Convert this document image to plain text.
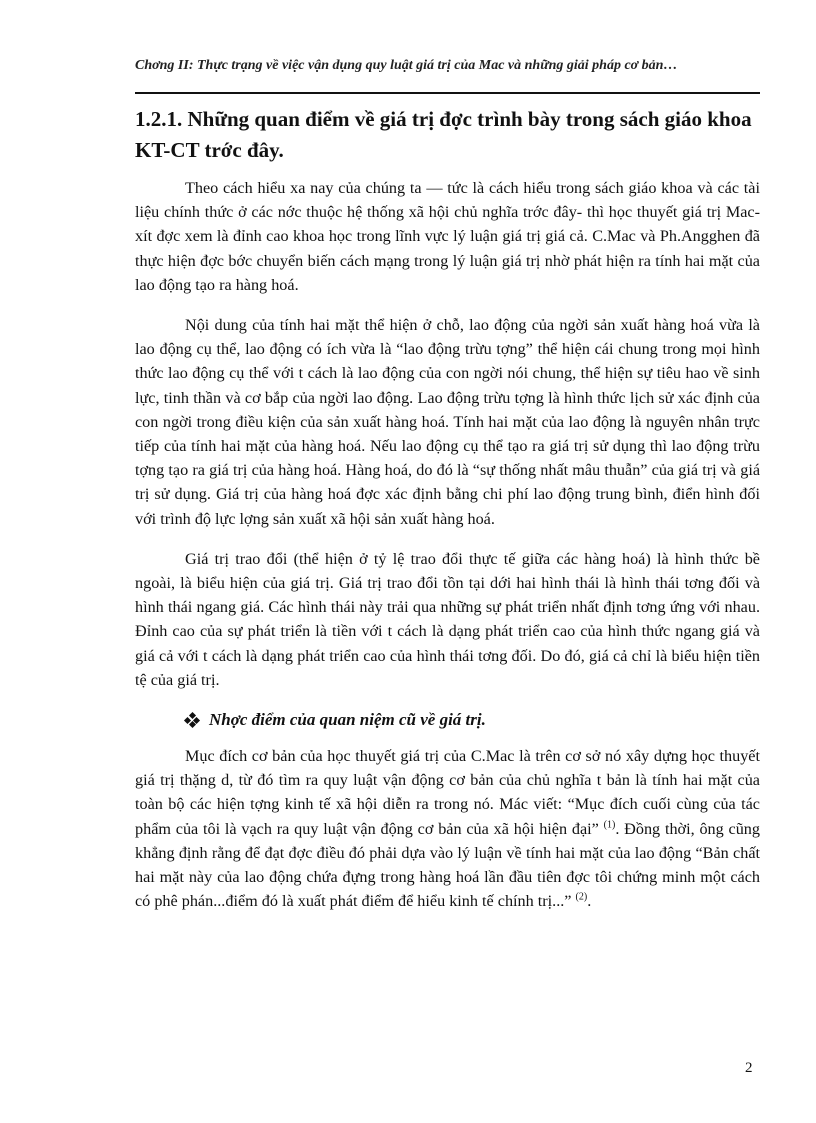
Chơng II: Thực trạng về việc vận dụng quy luật giá trị của Mac và những giải pháp cơ bản…
1.2.1. Những quan điểm về giá trị đợc trình bày trong sách giáo khoa KT-CT trớc đây.

Theo cách hiểu xa nay của chúng ta — tức là cách hiểu trong sách giáo khoa và các tài liệu chính thức ở các nớc thuộc hệ thống xã hội chủ nghĩa trớc đây- thì học thuyết giá trị Mac-xít đợc xem là đỉnh cao khoa học trong lĩnh vực lý luận giá trị giá cả. C.Mac và Ph.Angghen đã thực hiện đợc bớc chuyển biến cách mạng trong lý luận giá trị nhờ phát hiện ra tính hai mặt của lao động tạo ra hàng hoá.

Nội dung của tính hai mặt thể hiện ở chỗ, lao động của ngời sản xuất hàng hoá vừa là lao động cụ thể, lao động có ích vừa là “lao động trừu tợng” thể hiện cái chung trong mọi hình thức lao động cụ thể với t cách là lao động của con ngời nói chung, thể hiện sự tiêu hao về sinh lực, tinh thần và cơ bắp của ngời lao động. Lao động trừu tợng là hình thức lịch sử xác định của con ngời trong điều kiện của sản xuất hàng hoá. Tính hai mặt của lao động là nguyên nhân trực tiếp của tính hai mặt của hàng hoá. Nếu lao động cụ thể tạo ra giá trị sử dụng thì lao động trừu tợng tạo ra giá trị của hàng hoá. Hàng hoá, do đó là “sự thống nhất mâu thuẫn” của giá trị và giá trị sử dụng. Giá trị của hàng hoá đợc xác định bằng chi phí lao động trung bình, điển hình đối với trình độ lực lợng sản xuất xã hội sản xuất hàng hoá.

Giá trị trao đổi (thể hiện ở tỷ lệ trao đổi thực tế giữa các hàng hoá) là hình thức bề ngoài, là biểu hiện của giá trị. Giá trị trao đổi tồn tại dới hai hình thái là hình thái tơng đối và hình thái ngang giá. Các hình thái này trải qua những sự phát triển nhất định tơng ứng với nhau. Đỉnh cao của sự phát triển là tiền với t cách là dạng phát triển cao của hình thức ngang giá và giá cả với t cách là dạng phát triển cao của hình thái tơng đối. Do đó, giá cả chỉ là biểu hiện tiền tệ của giá trị.

Nhợc điểm của quan niệm cũ về giá trị.

Mục đích cơ bản của học thuyết giá trị của C.Mac là trên cơ sở nó xây dựng học thuyết giá trị thặng d, từ đó tìm ra quy luật vận động cơ bản của chủ nghĩa t bản là tính hai mặt của toàn bộ các hiện tợng kinh tế xã hội diễn ra trong nó. Mác viết: “Mục đích cuối cùng của tác phẩm của tôi là vạch ra quy luật vận động cơ bản của xã hội hiện đại” $^{(1)}$. Đồng thời, ông cũng khẳng định rằng để đạt đợc điều đó phải dựa vào lý luận về tính hai mặt của lao động “Bản chất hai mặt này của lao động chứa đựng trong hàng hoá lần đầu tiên đợc tôi chứng minh một cách có phê phán...điểm đó là xuất phát điểm để hiểu kinh tế chính trị...” $^{(2)}$.

2
